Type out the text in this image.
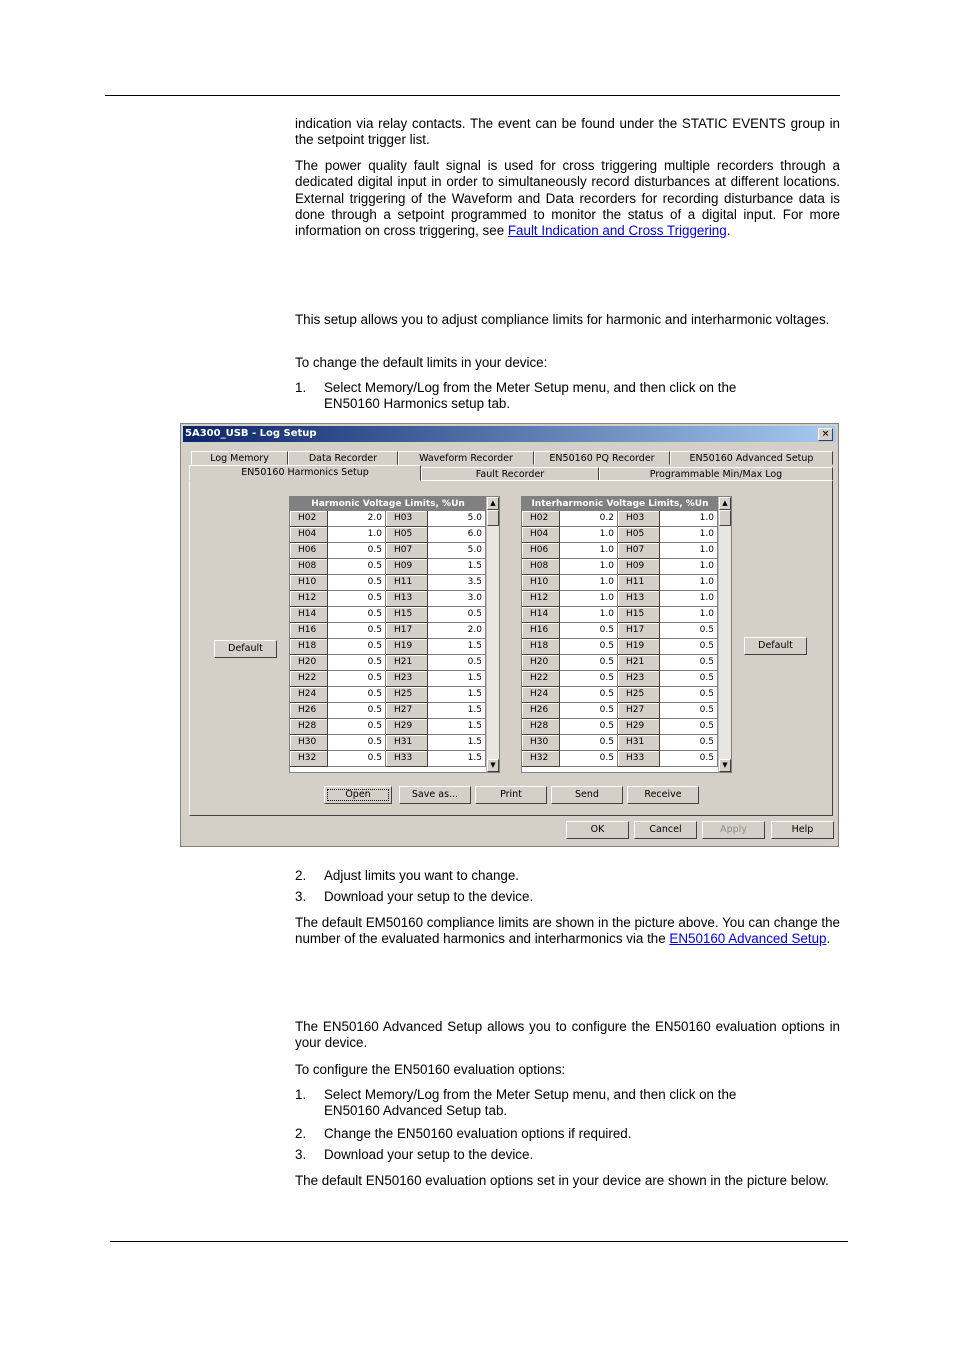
indication via relay contacts. The event can be found under the STATIC EVENTS group in the setpoint trigger list.
The power quality fault signal is used for cross triggering multiple recorders through a dedicated digital input in order to simultaneously record disturbances at different locations. External triggering of the Waveform and Data recorders for recording disturbance data is done through a setpoint programmed to monitor the status of a digital input. For more information on cross triggering, see Fault Indication and Cross Triggering.
This setup allows you to adjust compliance limits for harmonic and interharmonic voltages.
To change the default limits in your device:
1. Select Memory/Log from the Meter Setup menu, and then click on the EN50160 Harmonics setup tab.
5A300_USB - Log Setup	×
Log Memory	Data Recorder	Waveform Recorder	EN50160 PQ Recorder	EN50160 Advanced Setup
EN50160 Harmonics Setup	Fault Recorder	Programmable Min/Max Log
Default	Default
Harmonic Voltage Limits, %Un
H02	2.0	H03	5.0
H04	1.0	H05	6.0
H06	0.5	H07	5.0
H08	0.5	H09	1.5
H10	0.5	H11	3.5
H12	0.5	H13	3.0
H14	0.5	H15	0.5
H16	0.5	H17	2.0
H18	0.5	H19	1.5
H20	0.5	H21	0.5
H22	0.5	H23	1.5
H24	0.5	H25	1.5
H26	0.5	H27	1.5
H28	0.5	H29	1.5
H30	0.5	H31	1.5
H32	0.5	H33	1.5
▲
▼
Interharmonic Voltage Limits, %Un
H02	0.2	H03	1.0
H04	1.0	H05	1.0
H06	1.0	H07	1.0
H08	1.0	H09	1.0
H10	1.0	H11	1.0
H12	1.0	H13	1.0
H14	1.0	H15	1.0
H16	0.5	H17	0.5
H18	0.5	H19	0.5
H20	0.5	H21	0.5
H22	0.5	H23	0.5
H24	0.5	H25	0.5
H26	0.5	H27	0.5
H28	0.5	H29	0.5
H30	0.5	H31	0.5
H32	0.5	H33	0.5
▲
▼
Open	Save as...	Print	Send	Receive
OK	Cancel	Apply	Help
2. Adjust limits you want to change.
3. Download your setup to the device.
The default EM50160 compliance limits are shown in the picture above. You can change the number of the evaluated harmonics and interharmonics via the EN50160 Advanced Setup.
The EN50160 Advanced Setup allows you to configure the EN50160 evaluation options in your device.
To configure the EN50160 evaluation options:
1. Select Memory/Log from the Meter Setup menu, and then click on the EN50160 Advanced Setup tab.
2. Change the EN50160 evaluation options if required.
3. Download your setup to the device.
The default EN50160 evaluation options set in your device are shown in the picture below.
